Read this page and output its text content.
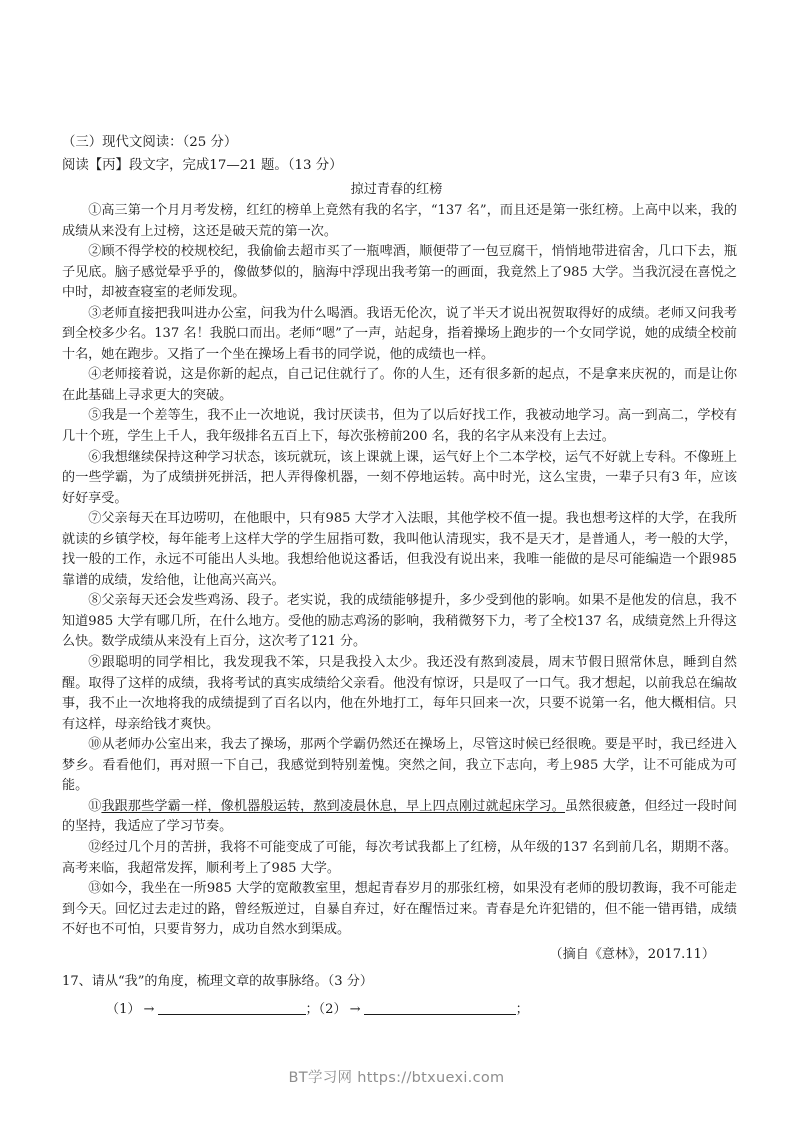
（三）现代文阅读：（25 分）

阅读【丙】段文字，完成17—21 题。（13 分）

掠过青春的红榜

①高三第一个月月考发榜，红红的榜单上竟然有我的名字，“137 名”，而且还是第一张红榜。上高中以来，我的成绩从来没有上过榜，这还是破天荒的第一次。

②顾不得学校的校规校纪，我偷偷去超市买了一瓶啤酒，顺便带了一包豆腐干，悄悄地带进宿舍，几口下去，瓶子见底。脑子感觉晕乎乎的，像做梦似的，脑海中浮现出我考第一的画面，我竟然上了985 大学。当我沉浸在喜悦之中时，却被查寝室的老师发现。

③老师直接把我叫进办公室，问我为什么喝酒。我语无伦次，说了半天才说出祝贺取得好的成绩。老师又问我考到全校多少名。137 名！我脱口而出。老师“嗯”了一声，站起身，指着操场上跑步的一个女同学说，她的成绩全校前十名，她在跑步。又指了一个坐在操场上看书的同学说，他的成绩也一样。

④老师接着说，这是你新的起点，自己记住就行了。你的人生，还有很多新的起点，不是拿来庆祝的，而是让你在此基础上寻求更大的突破。

⑤我是一个差等生，我不止一次地说，我讨厌读书，但为了以后好找工作，我被动地学习。高一到高二，学校有几十个班，学生上千人，我年级排名五百上下，每次张榜前200 名，我的名字从来没有上去过。

⑥我想继续保持这种学习状态，该玩就玩，该上课就上课，运气好上个二本学校，运气不好就上专科。不像班上的一些学霸，为了成绩拼死拼活，把人弄得像机器，一刻不停地运转。高中时光，这么宝贵，一辈子只有3 年，应该好好享受。

⑦父亲每天在耳边唠叨，在他眼中，只有985 大学才入法眼，其他学校不值一提。我也想考这样的大学，在我所就读的乡镇学校，每年能考上这样大学的学生屈指可数，我叫他认清现实，我不是天才，是普通人，考一般的大学，找一般的工作，永远不可能出人头地。我想给他说这番话，但我没有说出来，我唯一能做的是尽可能编造一个跟985 靠谱的成绩，发给他，让他高兴高兴。

⑧父亲每天还会发些鸡汤、段子。老实说，我的成绩能够提升，多少受到他的影响。如果不是他发的信息，我不知道985 大学有哪几所，在什么地方。受他的励志鸡汤的影响，我稍微努下力，考了全校137 名，成绩竟然上升得这么快。数学成绩从来没有上百分，这次考了121 分。

⑨跟聪明的同学相比，我发现我不笨，只是我投入太少。我还没有熬到凌晨，周末节假日照常休息，睡到自然醒。取得了这样的成绩，我将考试的真实成绩给父亲看。他没有惊讶，只是叹了一口气。我才想起，以前我总在编故事，我不止一次地将我的成绩提到了百名以内，他在外地打工，每年只回来一次，只要不说第一名，他大概相信。只有这样，母亲给钱才爽快。

⑩从老师办公室出来，我去了操场，那两个学霸仍然还在操场上，尽管这时候已经很晚。要是平时，我已经进入梦乡。看看他们，再对照一下自己，我感觉到特别羞愧。突然之间，我立下志向，考上985 大学，让不可能成为可能。

⑪我跟那些学霸一样，像机器般运转，熬到凌晨休息，早上四点刚过就起床学习。虽然很疲惫，但经过一段时间的坚持，我适应了学习节奏。

⑫经过几个月的苦拼，我将不可能变成了可能，每次考试我都上了红榜，从年级的137 名到前几名，期期不落。高考来临，我超常发挥，顺利考上了985 大学。

⑬如今，我坐在一所985 大学的宽敞教室里，想起青春岁月的那张红榜，如果没有老师的殷切教诲，我不可能走到今天。回忆过去走过的路，曾经叛逆过，自暴自弃过，好在醒悟过来。青春是允许犯错的，但不能一错再错，成绩不好也不可怕，只要肯努力，成功自然水到渠成。

（摘自《意林》，2017.11）

17、请从“我”的角度，梳理文章的故事脉络。（3 分）

（1） →	；（2） →	；

BT学习网 https://btxuexi.com
